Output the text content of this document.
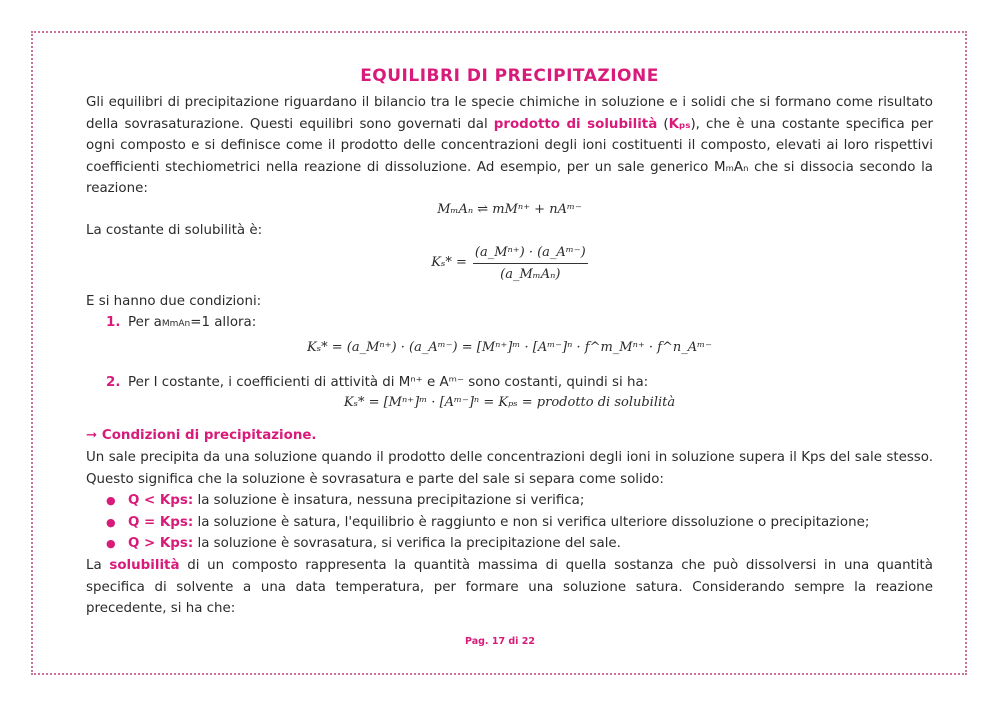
EQUILIBRI DI PRECIPITAZIONE

Gli equilibri di precipitazione riguardano il bilancio tra le specie chimiche in soluzione e i solidi che si formano come risultato della sovrasaturazione. Questi equilibri sono governati dal prodotto di solubilità (Kₚₛ), che è una costante specifica per ogni composto e si definisce come il prodotto delle concentrazioni degli ioni costituenti il composto, elevati ai loro rispettivi coefficienti stechiometrici nella reazione di dissoluzione. Ad esempio, per un sale generico MₘAₙ che si dissocia secondo la reazione:

MₘAₙ ⇌ mMⁿ⁺ + nAᵐ⁻

La costante di solubilità è:

$K_s* = \frac{\text{(a\_Mⁿ⁺) · (a\_Aᵐ⁻)}}{\text{(a\_MₘAₙ)}}$

E si hanno due condizioni:

1. Per aMmAn=1 allora:
Kₛ* = (a_Mⁿ⁺) · (a_Aᵐ⁻) = [Mⁿ⁺]ᵐ · [Aᵐ⁻]ⁿ · f^m_Mⁿ⁺ · f^n_Aᵐ⁻
2. Per I costante, i coefficienti di attività di Mⁿ⁺ e Aᵐ⁻ sono costanti, quindi si ha:
Kₛ* = [Mⁿ⁺]ᵐ · [Aᵐ⁻]ⁿ = Kₚₛ = prodotto di solubilità

➞ Condizioni di precipitazione.

Un sale precipita da una soluzione quando il prodotto delle concentrazioni degli ioni in soluzione supera il Kps del sale stesso. Questo significa che la soluzione è sovrasatura e parte del sale si separa come solido:

● Q < Kps: la soluzione è insatura, nessuna precipitazione si verifica;
● Q = Kps: la soluzione è satura, l'equilibrio è raggiunto e non si verifica ulteriore dissoluzione o precipitazione;
● Q > Kps: la soluzione è sovrasatura, si verifica la precipitazione del sale.

La solubilità di un composto rappresenta la quantità massima di quella sostanza che può dissolversi in una quantità specifica di solvente a una data temperatura, per formare una soluzione satura. Considerando sempre la reazione precedente, si ha che:

Pag. 17 di 22
